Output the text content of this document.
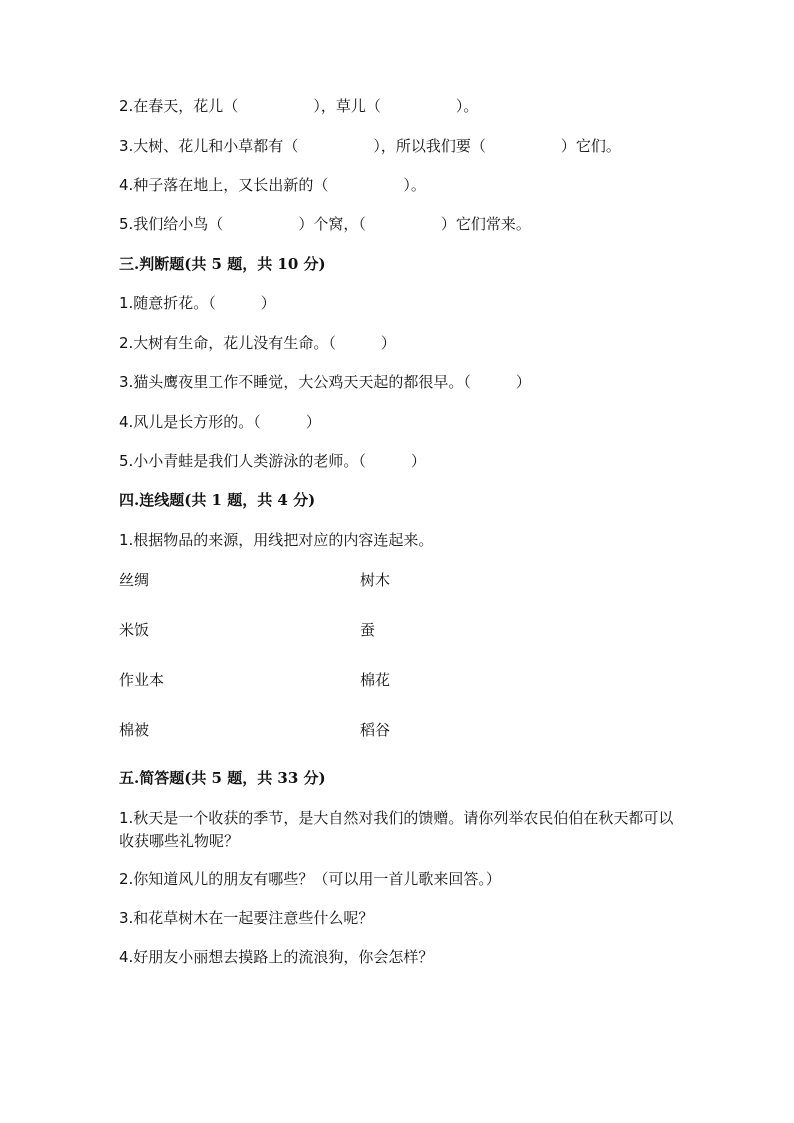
2.在春天，花儿（　　　　　），草儿（　　　　　）。
3.大树、花儿和小草都有（　　　　　），所以我们要（　　　　　）它们。
4.种子落在地上，又长出新的（　　　　　）。
5.我们给小鸟（　　　　　）个窝，（　　　　　）它们常来。
三.判断题(共 5 题，共 10 分)
1.随意折花。（　　　）
2.大树有生命，花儿没有生命。（　　　）
3.猫头鹰夜里工作不睡觉，大公鸡天天起的都很早。（　　　）
4.风儿是长方形的。（　　　）
5.小小青蛙是我们人类游泳的老师。（　　　）
四.连线题(共 1 题，共 4 分)
1.根据物品的来源，用线把对应的内容连起来。
丝绸	树木
米饭	蚕
作业本	棉花
棉被	稻谷
五.简答题(共 5 题，共 33 分)
1.秋天是一个收获的季节，是大自然对我们的馈赠。请你列举农民伯伯在秋天都可以收获哪些礼物呢？
2.你知道风儿的朋友有哪些？（可以用一首儿歌来回答。）
3.和花草树木在一起要注意些什么呢？
4.好朋友小丽想去摸路上的流浪狗，你会怎样？
